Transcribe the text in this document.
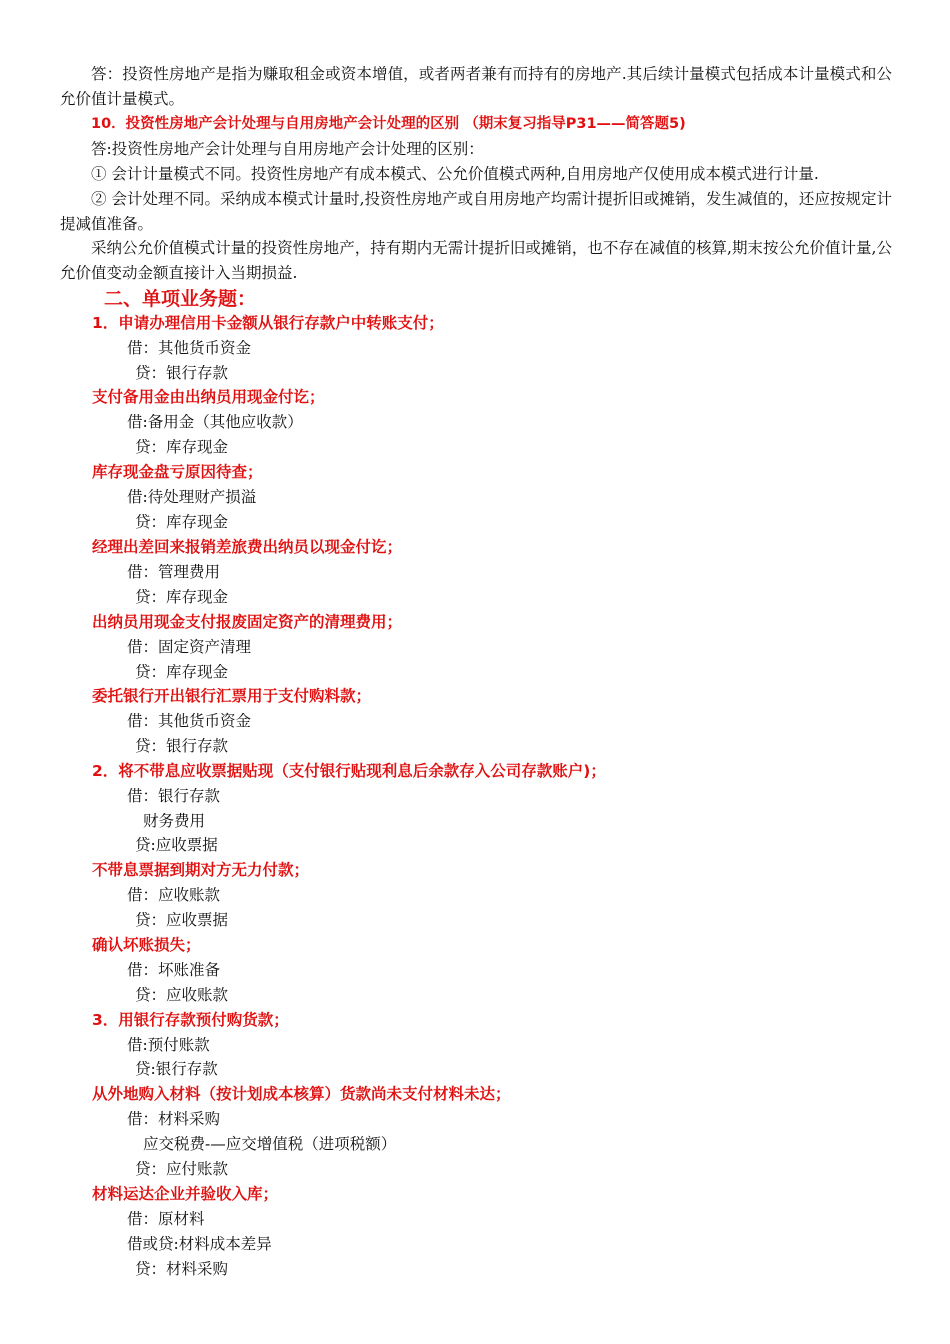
答：投资性房地产是指为赚取租金或资本增值，或者两者兼有而持有的房地产.其后续计量模式包括成本计量模式和公允价值计量模式。

10．投资性房地产会计处理与自用房地产会计处理的区别 （期末复习指导P31——简答题5)

答:投资性房地产会计处理与自用房地产会计处理的区别：

① 会计计量模式不同。投资性房地产有成本模式、公允价值模式两种,自用房地产仅使用成本模式进行计量.

② 会计处理不同。采纳成本模式计量时,投资性房地产或自用房地产均需计提折旧或摊销，发生减值的，还应按规定计提减值准备。

采纳公允价值模式计量的投资性房地产，持有期内无需计提折旧或摊销，也不存在减值的核算,期末按公允价值计量,公允价值变动金额直接计入当期损益.

二、单项业务题：

1．申请办理信用卡金额从银行存款户中转账支付；

借：其他货币资金

贷：银行存款

支付备用金由出纳员用现金付讫；

借:备用金（其他应收款）

贷：库存现金

库存现金盘亏原因待查；

借:待处理财产损溢

贷：库存现金

经理出差回来报销差旅费出纳员以现金付讫；

借：管理费用

贷：库存现金

出纳员用现金支付报废固定资产的清理费用；

借：固定资产清理

贷：库存现金

委托银行开出银行汇票用于支付购料款；

借：其他货币资金

贷：银行存款

2．将不带息应收票据贴现（支付银行贴现利息后余款存入公司存款账户)；

借：银行存款

财务费用

贷:应收票据

不带息票据到期对方无力付款；

借：应收账款

贷：应收票据

确认坏账损失；

借：坏账准备

贷：应收账款

3．用银行存款预付购货款；

借:预付账款

贷:银行存款

从外地购入材料（按计划成本核算）货款尚未支付材料未达；

借：材料采购

应交税费-—应交增值税（进项税额）

贷：应付账款

材料运达企业并验收入库；

借：原材料

借或贷:材料成本差异

贷：材料采购
